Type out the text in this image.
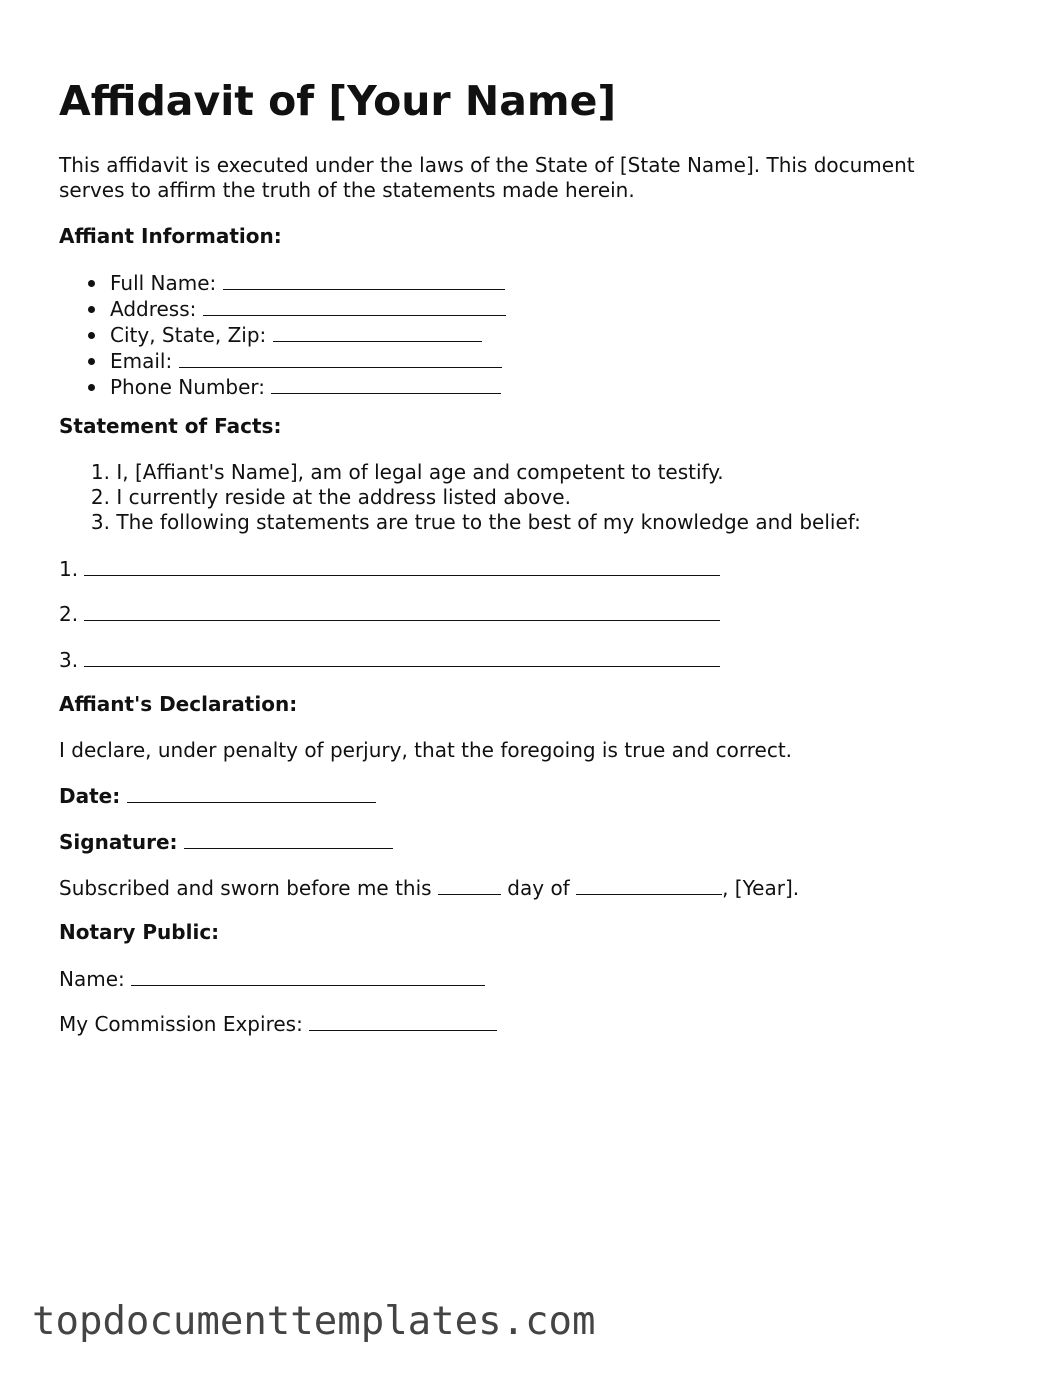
Affidavit of [Your Name]

This affidavit is executed under the laws of the State of [State Name]. This document serves to affirm the truth of the statements made herein.

Affiant Information:

Full Name:
Address:
City, State, Zip:
Email:
Phone Number:

Statement of Facts:

1. I, [Affiant's Name], am of legal age and competent to testify.
2. I currently reside at the address listed above.
3. The following statements are true to the best of my knowledge and belief:

1.

2.

3.

Affiant's Declaration:

I declare, under penalty of perjury, that the foregoing is true and correct.

Date:

Signature:

Subscribed and sworn before me this	day of	, [Year].

Notary Public:

Name:

My Commission Expires:

topdocumenttemplates.com
